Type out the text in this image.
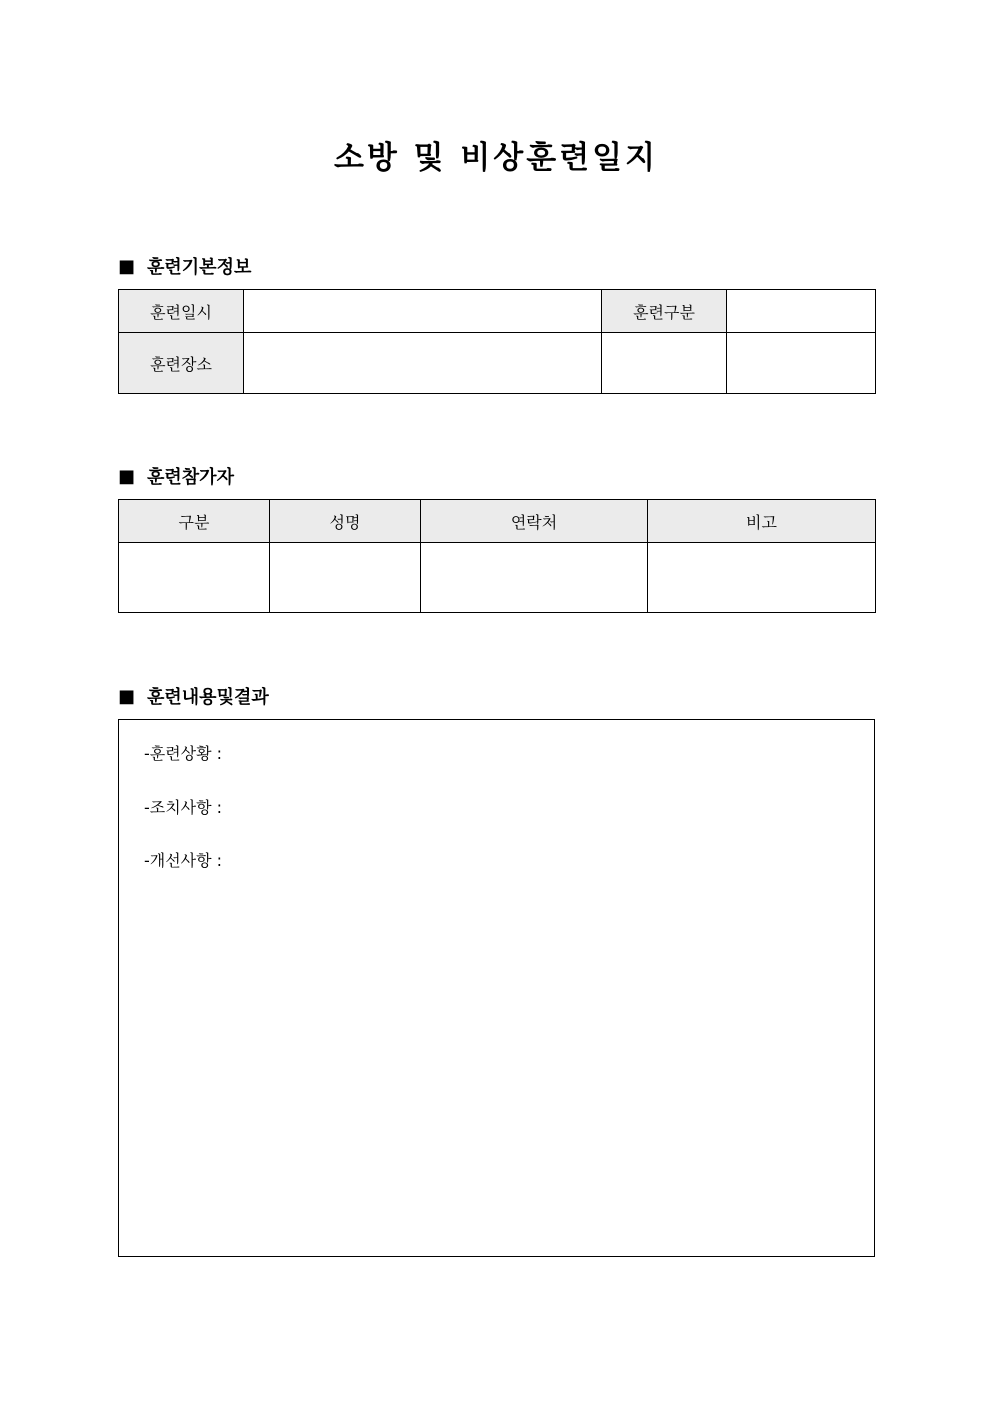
소방 및 비상훈련일지
■ 훈련기본정보
훈련일시		훈련구분	
훈련장소			
■ 훈련참가자
구분	성명	연락처	비고

■ 훈련내용및결과
-훈련상황 :
-조치사항 :
-개선사항 :
